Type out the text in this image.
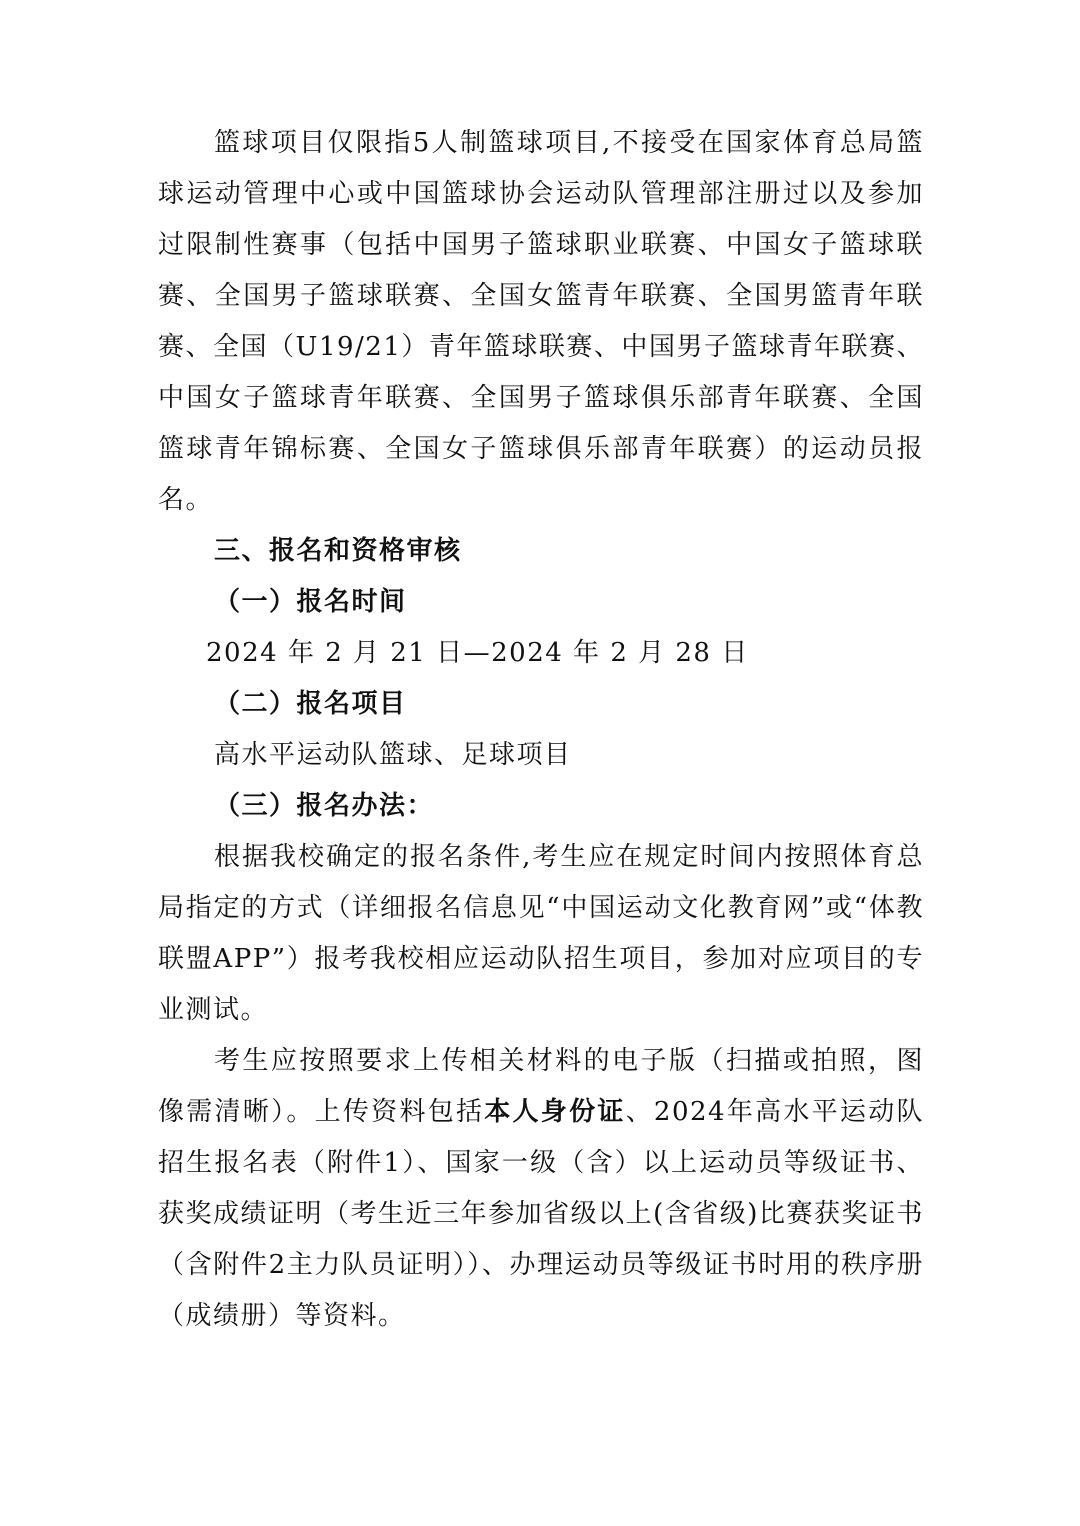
篮球项目仅限指5人制篮球项目,不接受在国家体育总局篮球运动管理中心或中国篮球协会运动队管理部注册过以及参加过限制性赛事（包括中国男子篮球职业联赛、中国女子篮球联赛、全国男子篮球联赛、全国女篮青年联赛、全国男篮青年联赛、全国（U19/21）青年篮球联赛、中国男子篮球青年联赛、中国女子篮球青年联赛、全国男子篮球俱乐部青年联赛、全国篮球青年锦标赛、全国女子篮球俱乐部青年联赛）的运动员报名。

三、报名和资格审核

（一）报名时间

2024 年 2 月 21 日—2024 年 2 月 28 日

（二）报名项目

高水平运动队篮球、足球项目

（三）报名办法：

根据我校确定的报名条件,考生应在规定时间内按照体育总局指定的方式（详细报名信息见“中国运动文化教育网”或“体教联盟APP”）报考我校相应运动队招生项目，参加对应项目的专业测试。

考生应按照要求上传相关材料的电子版（扫描或拍照，图像需清晰）。上传资料包括本人身份证、2024年高水平运动队招生报名表（附件1）、国家一级（含）以上运动员等级证书、获奖成绩证明（考生近三年参加省级以上(含省级)比赛获奖证书（含附件2主力队员证明））、办理运动员等级证书时用的秩序册（成绩册）等资料。
